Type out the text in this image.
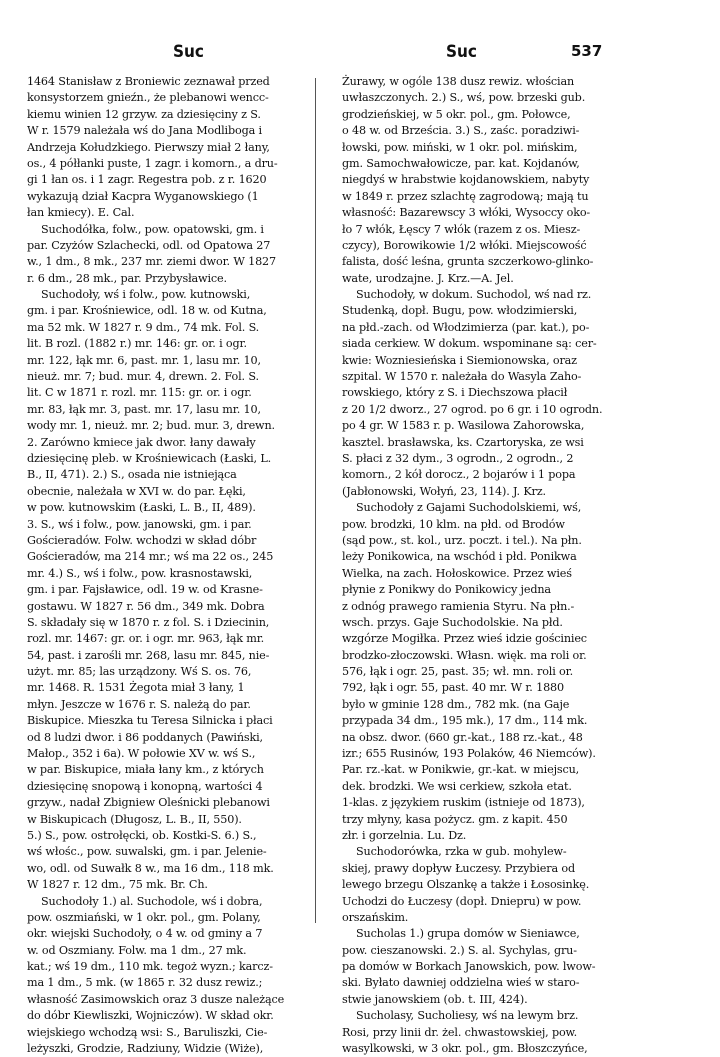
Suc	Suc	537
1464 Stanisław z Broniewic zeznawał przed
konsystorzem gnieźn., że plebanowi wencc-
kiemu winien 12 grzyw. za dziesięciny z S.
W r. 1579 należała wś do Jana Modliboga i
Andrzeja Kołudzkiego. Pierwszy miał 2 łany,
os., 4 półłanki puste, 1 zagr. i komorn., a dru-
gi 1 łan os. i 1 zagr. Regestra pob. z r. 1620
wykazują dział Kacpra Wyganowskiego (1
łan kmiecy). E. Cal.
Suchodółka, folw., pow. opatowski, gm. i
par. Czyżów Szlachecki, odl. od Opatowa 27
w., 1 dm., 8 mk., 237 mr. ziemi dwor. W 1827
r. 6 dm., 28 mk., par. Przybysławice.
Suchodoły, wś i folw., pow. kutnowski,
gm. i par. Krośniewice, odl. 18 w. od Kutna,
ma 52 mk. W 1827 r. 9 dm., 74 mk. Fol. S.
lit. B rozl. (1882 r.) mr. 146: gr. or. i ogr.
mr. 122, łąk mr. 6, past. mr. 1, lasu mr. 10,
nieuż. mr. 7; bud. mur. 4, drewn. 2. Fol. S.
lit. C w 1871 r. rozl. mr. 115: gr. or. i ogr.
mr. 83, łąk mr. 3, past. mr. 17, lasu mr. 10,
wody mr. 1, nieuż. mr. 2; bud. mur. 3, drewn.
2. Zarówno kmiece jak dwor. łany dawały
dziesięcinę pleb. w Krośniewicach (Łaski, L.
B., II, 471). 2.) S., osada nie istniejąca
obecnie, należała w XVI w. do par. Łęki,
w pow. kutnowskim (Łaski, L. B., II, 489).
3. S., wś i folw., pow. janowski, gm. i par.
Gościeradów. Folw. wchodzi w skład dóbr
Gościeradów, ma 214 mr.; wś ma 22 os., 245
mr. 4.) S., wś i folw., pow. krasnostawski,
gm. i par. Fajsławice, odl. 19 w. od Krasne-
gostawu. W 1827 r. 56 dm., 349 mk. Dobra
S. składały się w 1870 r. z fol. S. i Dziecinin,
rozl. mr. 1467: gr. or. i ogr. mr. 963, łąk mr.
54, past. i zarośli mr. 268, lasu mr. 845, nie-
użyt. mr. 85; las urządzony. Wś S. os. 76,
mr. 1468. R. 1531 Żegota miał 3 łany, 1
młyn. Jeszcze w 1676 r. S. należą do par.
Biskupice. Mieszka tu Teresa Silnicka i płaci
od 8 ludzi dwor. i 86 poddanych (Pawiński,
Małop., 352 i 6a). W połowie XV w. wś S.,
w par. Biskupice, miała łany km., z których
dziesięcinę snopową i konopną, wartości 4
grzyw., nadał Zbigniew Oleśnicki plebanowi
w Biskupicach (Długosz, L. B., II, 550).
5.) S., pow. ostrołęcki, ob. Kostki-S. 6.) S.,
wś włośc., pow. suwalski, gm. i par. Jelenie-
wo, odl. od Suwałk 8 w., ma 16 dm., 118 mk.
W 1827 r. 12 dm., 75 mk. Br. Ch.
Suchodoły 1.) al. Suchodole, wś i dobra,
pow. oszmiański, w 1 okr. pol., gm. Polany,
okr. wiejski Suchodoły, o 4 w. od gminy a 7
w. od Oszmiany. Folw. ma 1 dm., 27 mk.
kat.; wś 19 dm., 110 mk. tegoż wyzn.; karcz-
ma 1 dm., 5 mk. (w 1865 r. 32 dusz rewiz.;
własność Zasimowskich oraz 3 dusze należące
do dóbr Kiewliszki, Wojniczów). W skład okr.
wiejskiego wchodzą wsi: S., Baruliszki, Cie-
leżyszki, Grodzie, Radziuny, Widzie (Wiże),
Żurawy, w ogóle 138 dusz rewiz. włościan
uwłaszczonych. 2.) S., wś, pow. brzeski gub.
grodzieńskiej, w 5 okr. pol., gm. Połowce,
o 48 w. od Brześcia. 3.) S., zaśc. poradziwi-
łowski, pow. miński, w 1 okr. pol. mińskim,
gm. Samochwałowicze, par. kat. Kojdanów,
niegdyś w hrabstwie kojdanowskiem, nabyty
w 1849 r. przez szlachtę zagrodową; mają tu
własność: Bazarewscy 3 włóki, Wysoccy oko-
ło 7 włók, Łęscy 7 włók (razem z os. Miesz-
czycy), Borowikowie 1/2 włóki. Miejscowość
falista, dość leśna, grunta szczerkowo-glinko-
wate, urodzajne. J. Krz.—A. Jel.
Suchodoły, w dokum. Suchodol, wś nad rz.
Studenką, dopł. Bugu, pow. włodzimierski,
na płd.-zach. od Włodzimierza (par. kat.), po-
siada cerkiew. W dokum. wspominane są: cer-
kwie: Wozniesieńska i Siemionowska, oraz
szpital. W 1570 r. należała do Wasyla Zaho-
rowskiego, który z S. i Diechszowa płacił
z 20 1/2 dworz., 27 ogrod. po 6 gr. i 10 ogrodn.
po 4 gr. W 1583 r. p. Wasilowa Zahorowska,
kasztel. brasławska, ks. Czartoryska, ze wsi
S. płaci z 32 dym., 3 ogrodn., 2 ogrodn., 2
komorn., 2 kół dorocz., 2 bojarów i 1 popa
(Jabłonowski, Wołyń, 23, 114). J. Krz.
Suchodoły z Gajami Suchodolskiemi, wś,
pow. brodzki, 10 klm. na płd. od Brodów
(sąd pow., st. kol., urz. poczt. i tel.). Na płn.
leży Ponikowica, na wschód i płd. Ponikwa
Wielka, na zach. Hołoskowice. Przez wieś
płynie z Ponikwy do Ponikowicy jedna
z odnóg prawego ramienia Styru. Na płn.-
wsch. przys. Gaje Suchodolskie. Na płd.
wzgórze Mogiłka. Przez wieś idzie gościniec
brodzko-złoczowski. Własn. więk. ma roli or.
576, łąk i ogr. 25, past. 35; wł. mn. roli or.
792, łąk i ogr. 55, past. 40 mr. W r. 1880
było w gminie 128 dm., 782 mk. (na Gaje
przypada 34 dm., 195 mk.), 17 dm., 114 mk.
na obsz. dwor. (660 gr.-kat., 188 rz.-kat., 48
izr.; 655 Rusinów, 193 Polaków, 46 Niemców).
Par. rz.-kat. w Ponikwie, gr.-kat. w miejscu,
dek. brodzki. We wsi cerkiew, szkoła etat.
1-klas. z językiem ruskim (istnieje od 1873),
trzy młyny, kasa pożycz. gm. z kapit. 450
złr. i gorzelnia. Lu. Dz.
Suchodorówka, rzka w gub. mohylew-
skiej, prawy dopływ Łuczesy. Przybiera od
lewego brzegu Olszankę a także i Łososinkę.
Uchodzi do Łuczesy (dopł. Dniepru) w pow.
orszańskim.
Sucholas 1.) grupa domów w Sieniawce,
pow. cieszanowski. 2.) S. al. Sychylas, gru-
pa domów w Borkach Janowskich, pow. lwow-
ski. Byłato dawniej oddzielna wieś w staro-
stwie janowskiem (ob. t. III, 424).
Sucholasy, Sucholiesy, wś na lewym brz.
Rosi, przy linii dr. żel. chwastowskiej, pow.
wasylkowski, w 3 okr. pol., gm. Błoszczyńce,
